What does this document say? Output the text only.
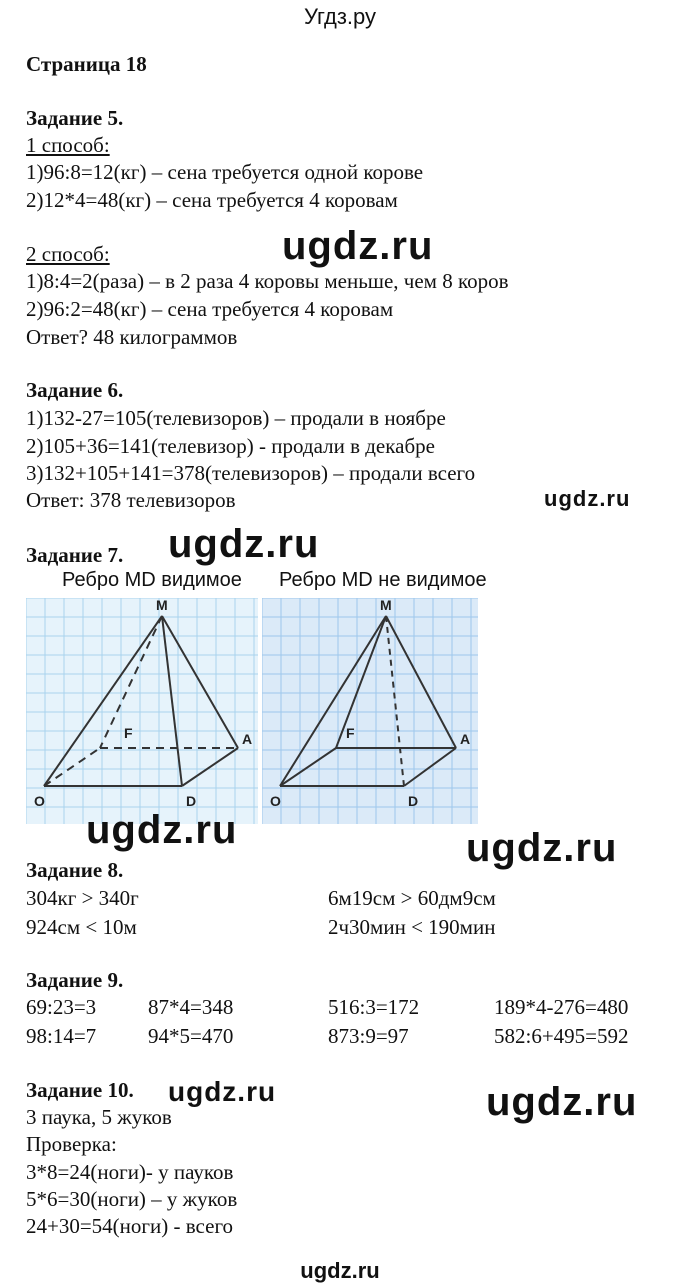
Угдз.ру
Страница 18
Задание 5.
1 способ:
1)96:8=12(кг) – сена требуется одной корове
2)12*4=48(кг) – сена требуется 4 коровам
2 способ:
1)8:4=2(раза) – в 2 раза 4 коровы меньше, чем 8 коров
2)96:2=48(кг) – сена требуется 4 коровам
Ответ? 48 килограммов
ugdz.ru
Задание 6.
1)132-27=105(телевизоров) – продали в ноябре
2)105+36=141(телевизор) - продали в декабре
3)132+105+141=378(телевизоров) – продали всего
Ответ: 378 телевизоров	ugdz.ru
Задание 7. ugdz.ru
Ребро MD видимое Ребро MD не видимое
M
F	A
O	D
M
F	A
O	D
ugdz.ru	ugdz.ru
Задание 8.
304кг > 340г	6м19см > 60дм9см
924см < 10м	2ч30мин < 190мин
Задание 9.
69:23=3 87*4=348	516:3=172	189*4-276=480
98:14=7 94*5=470	873:9=97	582:6+495=592
Задание 10. ugdz.ru	ugdz.ru
3 паука, 5 жуков
Проверка:
3*8=24(ноги)- у пауков
5*6=30(ноги) – у жуков
24+30=54(ноги) - всего
ugdz.ru
